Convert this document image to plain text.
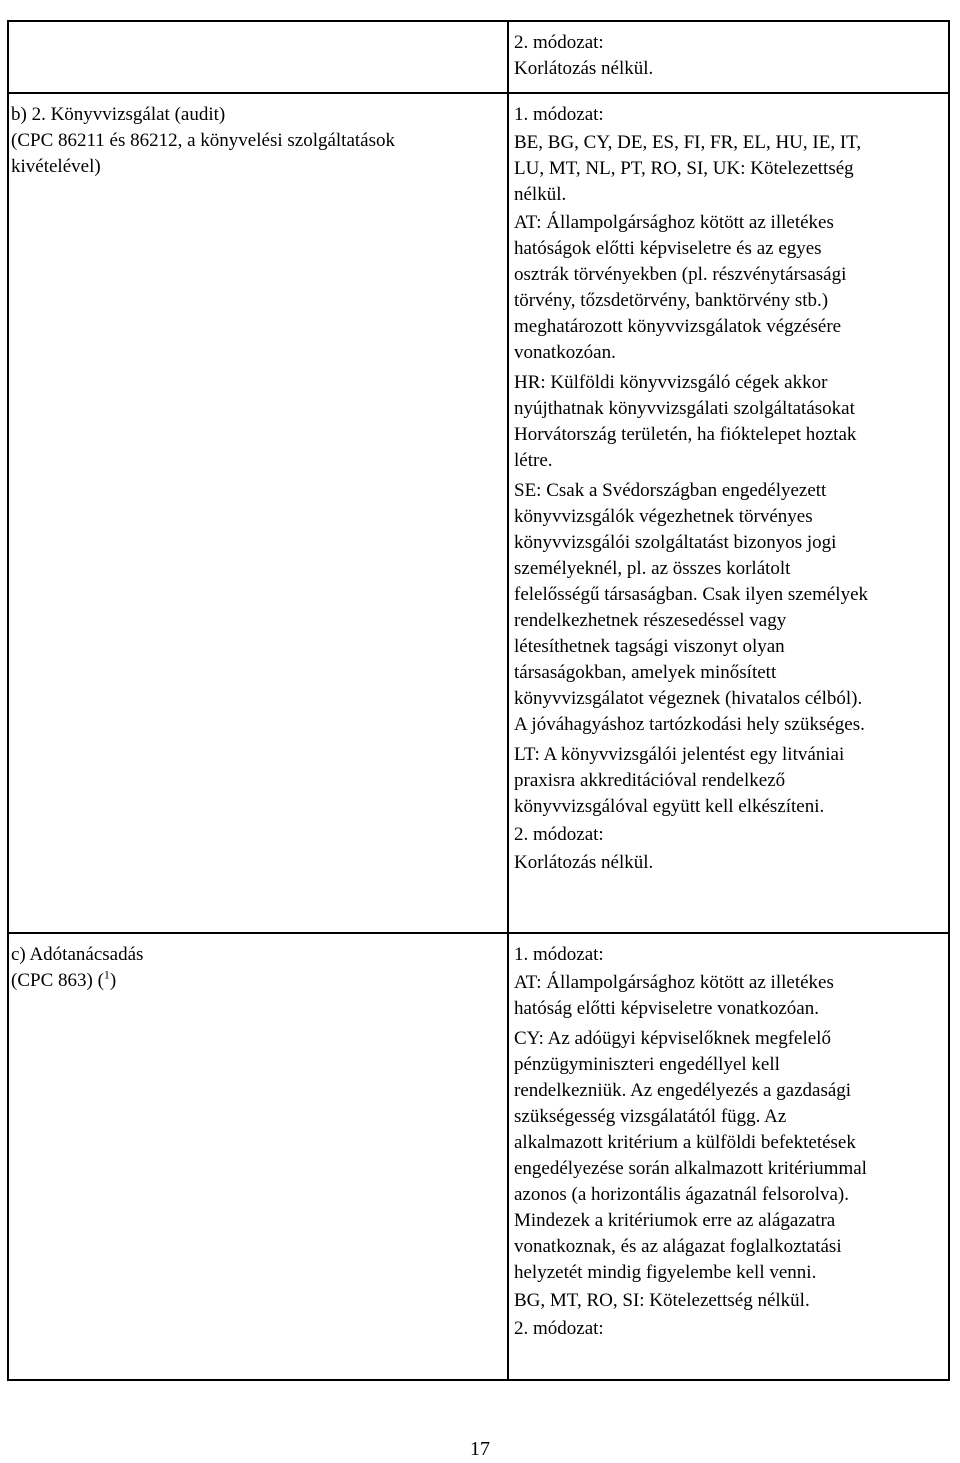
2. módozat:
Korlátozás nélkül.
b) 2. Könyvvizsgálat (audit)
(CPC 86211 és 86212, a könyvelési szolgáltatások
kivételével)
1. módozat:
BE, BG, CY, DE, ES, FI, FR, EL, HU, IE, IT,
LU, MT, NL, PT, RO, SI, UK: Kötelezettség
nélkül.
AT: Állampolgársághoz kötött az illetékes
hatóságok előtti képviseletre és az egyes
osztrák törvényekben (pl. részvénytársasági
törvény, tőzsdetörvény, banktörvény stb.)
meghatározott könyvvizsgálatok végzésére
vonatkozóan.
HR: Külföldi könyvvizsgáló cégek akkor
nyújthatnak könyvvizsgálati szolgáltatásokat
Horvátország területén, ha fióktelepet hoztak
létre.
SE: Csak a Svédországban engedélyezett
könyvvizsgálók végezhetnek törvényes
könyvvizsgálói szolgáltatást bizonyos jogi
személyeknél, pl. az összes korlátolt
felelősségű társaságban. Csak ilyen személyek
rendelkezhetnek részesedéssel vagy
létesíthetnek tagsági viszonyt olyan
társaságokban, amelyek minősített
könyvvizsgálatot végeznek (hivatalos célból).
A jóváhagyáshoz tartózkodási hely szükséges.
LT: A könyvvizsgálói jelentést egy litvániai
praxisra akkreditációval rendelkező
könyvvizsgálóval együtt kell elkészíteni.
2. módozat:
Korlátozás nélkül.
c) Adótanácsadás
(CPC 863) ($^1$)
1. módozat:
AT: Állampolgársághoz kötött az illetékes
hatóság előtti képviseletre vonatkozóan.
CY: Az adóügyi képviselőknek megfelelő
pénzügyminiszteri engedéllyel kell
rendelkezniük. Az engedélyezés a gazdasági
szükségesség vizsgálatától függ. Az
alkalmazott kritérium a külföldi befektetések
engedélyezése során alkalmazott kritériummal
azonos (a horizontális ágazatnál felsorolva).
Mindezek a kritériumok erre az alágazatra
vonatkoznak, és az alágazat foglalkoztatási
helyzetét mindig figyelembe kell venni.
BG, MT, RO, SI: Kötelezettség nélkül.
2. módozat:
17
